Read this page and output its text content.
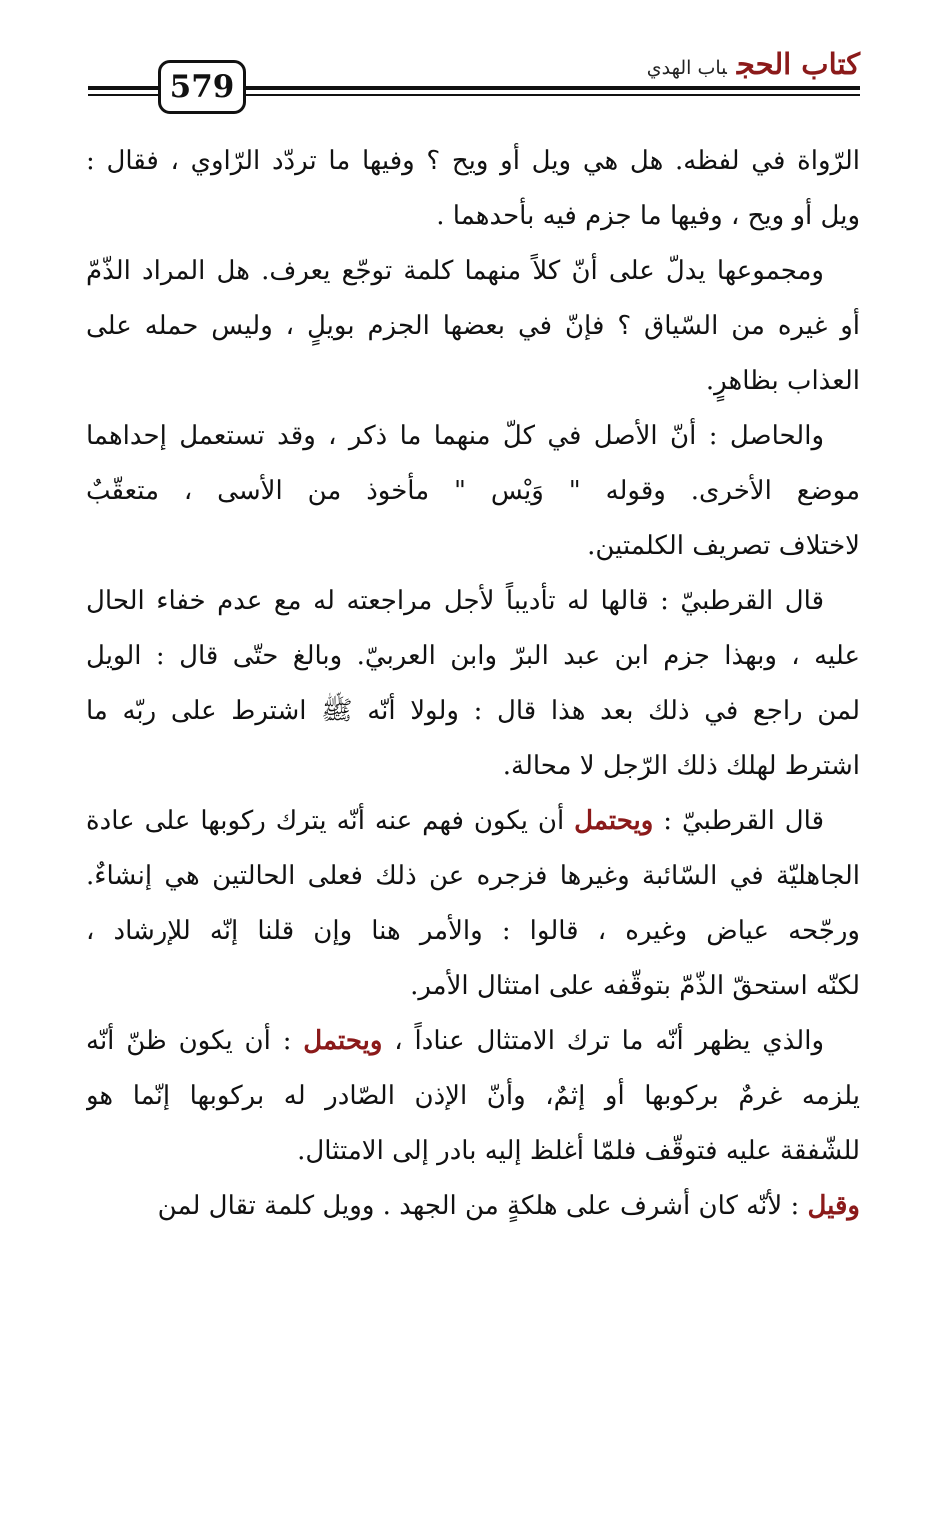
كتاب الحجباب الهدي
579
الرّواة في لفظه. هل هي ويل أو ويح ؟ وفيها ما تردّد الرّاوي ، فقال :
ويل أو ويح ، وفيها ما جزم فيه بأحدهما .
ومجموعها يدلّ على أنّ كلاً منهما كلمة توجّع يعرف. هل المراد الذّمّ
أو غيره من السّياق ؟ فإنّ في بعضها الجزم بويلٍ ، وليس حمله على
العذاب بظاهرٍ.
والحاصل : أنّ الأصل في كلّ منهما ما ذكر ، وقد تستعمل إحداهما
موضع الأخرى. وقوله " وَيْس " مأخوذ من الأسى ، متعقّبٌ
لاختلاف تصريف الكلمتين.
قال القرطبيّ : قالها له تأديباً لأجل مراجعته له مع عدم خفاء الحال
عليه ، وبهذا جزم ابن عبد البرّ وابن العربيّ. وبالغ حتّى قال : الويل
لمن راجع في ذلك بعد هذا قال : ولولا أنّه ﷺ اشترط على ربّه ما
اشترط لهلك ذلك الرّجل لا محالة.
قال القرطبيّ : ويحتمل أن يكون فهم عنه أنّه يترك ركوبها على عادة
الجاهليّة في السّائبة وغيرها فزجره عن ذلك فعلى الحالتين هي إنشاءٌ.
ورجّحه عياض وغيره ، قالوا : والأمر هنا وإن قلنا إنّه للإرشاد ،
لكنّه استحقّ الذّمّ بتوقّفه على امتثال الأمر.
والذي يظهر أنّه ما ترك الامتثال عناداً ، ويحتمل : أن يكون ظنّ أنّه
يلزمه غرمٌ بركوبها أو إثمٌ، وأنّ الإذن الصّادر له بركوبها إنّما هو
للشّفقة عليه فتوقّف فلمّا أغلظ إليه بادر إلى الامتثال.
وقيل : لأنّه كان أشرف على هلكةٍ من الجهد . وويل كلمة تقال لمن
